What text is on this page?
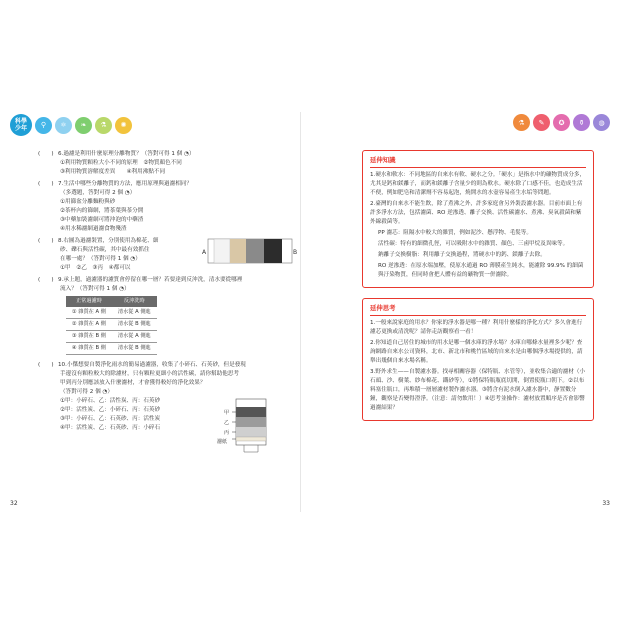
科學
少年	⚲	⚛	❧	⚗	✺
(　　) 6.過濾是利用什麼原理分離物質？（答對可得 1 個 ◔）
①利用物質顆粒大小不同的原理　②物質顏色不同
③利用物質溶解度差異　　④利用沸點不同
(　　) 7.生活中哪些分離物質的方法，應用原理與過濾相同？
（多選題，答對可得 2 個 ◔）
①用篩盆分離麵粉與砂
②茶杯內的篩網，將茶葉與茶分開
③中藥加裝濾網可將沖泡的中藥渣
④用水稀濾網過濾食物殘渣
(　　) 8.右圖為過濾裝置，分別使用為棉花、細
砂、礫石與活性碳，其中最有效抓住
在哪一處？（答對可得 1 個 ◔）
①甲　②乙　③丙　④都可以
A	B
(　　) 9.承上題，過濾器的濾質會停留在哪一層？若要達到反沖洗，清水要從哪裡
流入？（答對可得 1 個 ◔）
正常過濾時	反沖洗時
① 雜質在 A 側	清水從 A 側進
② 雜質在 A 側	清水從 B 側進
③ 雜質在 B 側	清水從 A 側進
④ 雜質在 B 側	清水從 B 側進
(　　) 10.小傑想要自製淨化雨水的簡易過濾器，收集了小碎石、石英砂，但是發現
手邊沒有顆粒較大的除濾材，只有顆粒更細小的活性碳，請你幫助他思考
甲到丙分別應該放入什麼濾材，才會獲得較好的淨化效果？
（答對可得 2 個 ◔）
①甲：小碎石、乙：活性炭、丙：石英砂
②甲：活性炭、乙：小碎石、丙：石英砂
③甲：小碎石、乙：石英砂、丙：活性炭
④甲：活性炭、乙：石英砂、丙：小碎石
甲
乙
丙
濾紙
32
⚗	✎	✪	⚱	◍
延伸知識
1.硬水和軟水：不同地區的自來水有軟、硬水之分。「硬水」是指水中的礦物質成分多，尤其是鈣和鎂離子，而鈣和鎂離子含量少的則為軟水。硬水除了口感不佳，也造成生活不便，例如肥皂和清潔劑不容易起泡，燒開水的水壺容易產生水垢等問題。
2.臺灣的自來水不能生飲，除了煮沸之外，許多家庭會另外裝設濾水器。目前市面上有許多淨水方法，包括濾菌、RO 逆滲透、離子交換、活性碳濾水、煮沸、臭氧殺菌和紫外線殺菌等。
PP 濾芯：阻隔水中較大的雜質，例如泥沙、懸浮物、毛髮等。
活性碳：特有的細微孔徑，可以吸附水中的雜質、顏色、三鹵甲烷及異味等。
鈉離子交換樹脂：利用離子交換過程，將硬水中的鈣、鎂離子去除。
RO 逆滲透：在原水端加壓，使原水通過 RO 薄膜產生純水，能濾除 99.9% 的細菌與汙染物質，但同時會把人體有益的礦物質一併濾除。
延伸思考
1.一般來說家庭的用水？你家的淨水器是哪一種？利用什麼樣的淨化方式？多久會進行濾芯更換或清洗呢？請你走訪觀察看一看！
2.你知道自己居住的城市的用水是哪一個水庫的淨水場？水庫自哪條水量裡多少呢？查詢網路自來水公司資料，北市、新北市和桃竹區域的自來水是由哪個淨水場提供的，請舉出幾個自來水場名稱。
3.野外求生——自製濾水器。找尋相關容器（保特瓶、水管等），並收集合適的濾材（小石頭、沙、樹葉、紗布棉花、鐵砂等），①將保特瓶瓶底切開，倒置使瓶口朝下。②以布料塞住瓶口，再堆積一層層濾材製作濾水器。③將含有泥水倒入濾水器中，靜置數分鐘，觀察是否變得澄淨。（注意：請勿飲用！）④思考並操作：濾材放置順序是否會影響過濾結果？
33
